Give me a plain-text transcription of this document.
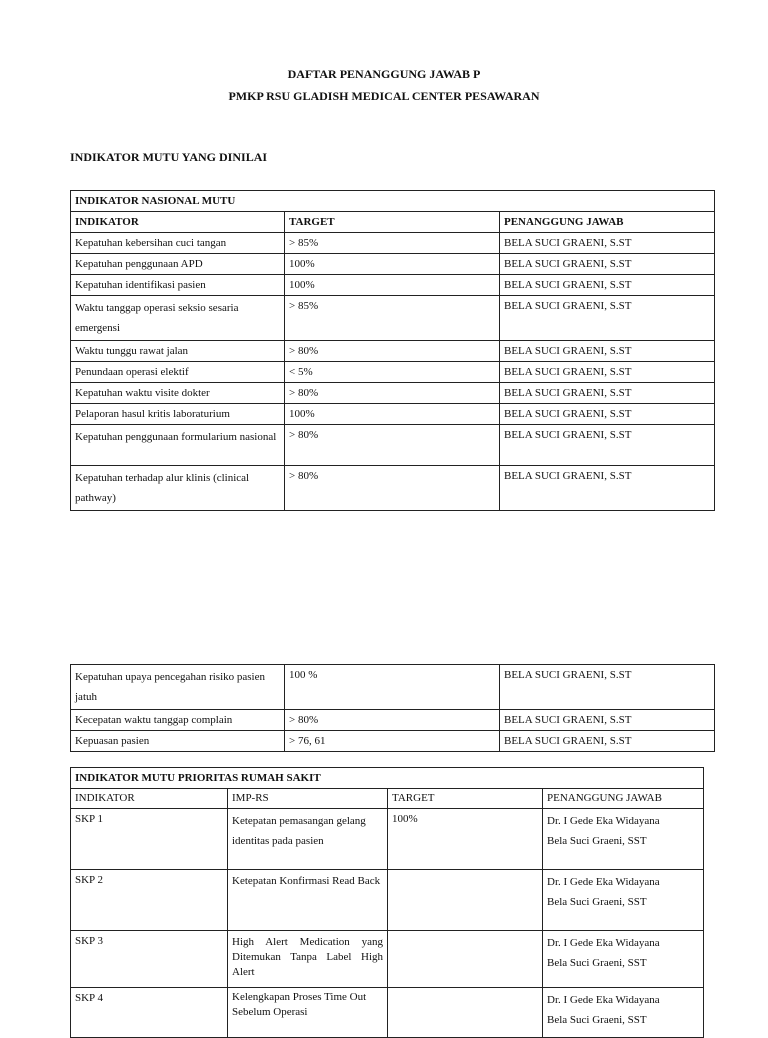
DAFTAR PENANGGUNG JAWAB P
PMKP RSU GLADISH MEDICAL CENTER PESAWARAN
INDIKATOR MUTU YANG DINILAI
INDIKATOR NASIONAL MUTU		
INDIKATOR	TARGET	PENANGGUNG JAWAB
Kepatuhan kebersihan cuci tangan	> 85%	BELA SUCI GRAENI, S.ST
Kepatuhan penggunaan APD	100%	BELA SUCI GRAENI, S.ST
Kepatuhan identifikasi pasien	100%	BELA SUCI GRAENI, S.ST
Waktu tanggap operasi seksio sesaria emergensi	> 85%	BELA SUCI GRAENI, S.ST
Waktu tunggu rawat jalan	> 80%	BELA SUCI GRAENI, S.ST
Penundaan operasi elektif	< 5%	BELA SUCI GRAENI, S.ST
Kepatuhan waktu visite dokter	> 80%	BELA SUCI GRAENI, S.ST
Pelaporan hasul kritis laboraturium	100%	BELA SUCI GRAENI, S.ST
Kepatuhan penggunaan formularium nasional	> 80%	BELA SUCI GRAENI, S.ST
Kepatuhan terhadap alur klinis (clinical pathway)	> 80%	BELA SUCI GRAENI, S.ST
Kepatuhan upaya pencegahan risiko pasien jatuh	100 %	BELA SUCI GRAENI, S.ST
Kecepatan waktu tanggap complain	> 80%	BELA SUCI GRAENI, S.ST
Kepuasan pasien	> 76, 61	BELA SUCI GRAENI, S.ST
INDIKATOR MUTU PRIORITAS RUMAH SAKIT			
INDIKATOR	IMP-RS	TARGET	PENANGGUNG JAWAB
SKP 1	Ketepatan pemasangan gelang identitas pada pasien	100%	Dr. I Gede Eka Widayana
Bela Suci Graeni, SST

SKP 2	Ketepatan Konfirmasi Read Back		Dr. I Gede Eka Widayana
Bela Suci Graeni, SST

SKP 3	High Alert Medication yang Ditemukan Tanpa Label High Alert		Dr. I Gede Eka Widayana
Bela Suci Graeni, SST

SKP 4	Kelengkapan Proses Time Out Sebelum Operasi		Dr. I Gede Eka Widayana
Bela Suci Graeni, SST
